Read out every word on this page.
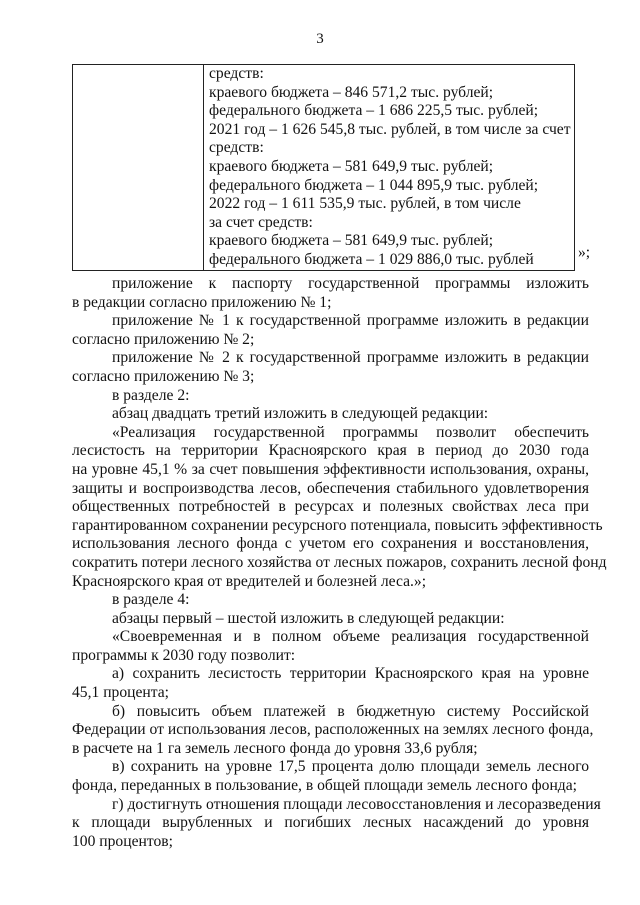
3

средств:
краевого бюджета – 846 571,2 тыс. рублей;
федерального бюджета – 1 686 225,5 тыс. рублей;
2021 год – 1 626 545,8 тыс. рублей, в том числе за счет
средств:
краевого бюджета – 581 649,9 тыс. рублей;
федерального бюджета – 1 044 895,9 тыс. рублей;
2022 год – 1 611 535,9 тыс. рублей, в том числе
за счет средств:
краевого бюджета – 581 649,9 тыс. рублей;
федерального бюджета – 1 029 886,0 тыс. рублей	»;
приложение к паспорту государственной программы изложить
в редакции согласно приложению № 1;
приложение № 1 к государственной программе изложить в редакции
согласно приложению № 2;
приложение № 2 к государственной программе изложить в редакции
согласно приложению № 3;
в разделе 2:
абзац двадцать третий изложить в следующей редакции:
«Реализация государственной программы позволит обеспечить
лесистость на территории Красноярского края в период до 2030 года
на уровне 45,1 % за счет повышения эффективности использования, охраны,
защиты и воспроизводства лесов, обеспечения стабильного удовлетворения
общественных потребностей в ресурсах и полезных свойствах леса при
гарантированном сохранении ресурсного потенциала, повысить эффективность
использования лесного фонда с учетом его сохранения и восстановления,
сократить потери лесного хозяйства от лесных пожаров, сохранить лесной фонд
Красноярского края от вредителей и болезней леса.»;
в разделе 4:
абзацы первый – шестой изложить в следующей редакции:
«Своевременная и в полном объеме реализация государственной
программы к 2030 году позволит:
а) сохранить лесистость территории Красноярского края на уровне
45,1 процента;
б) повысить объем платежей в бюджетную систему Российской
Федерации от использования лесов, расположенных на землях лесного фонда,
в расчете на 1 га земель лесного фонда до уровня 33,6 рубля;
в) сохранить на уровне 17,5 процента долю площади земель лесного
фонда, переданных в пользование, в общей площади земель лесного фонда;
г) достигнуть отношения площади лесовосстановления и лесоразведения
к площади вырубленных и погибших лесных насаждений до уровня
100 процентов;
